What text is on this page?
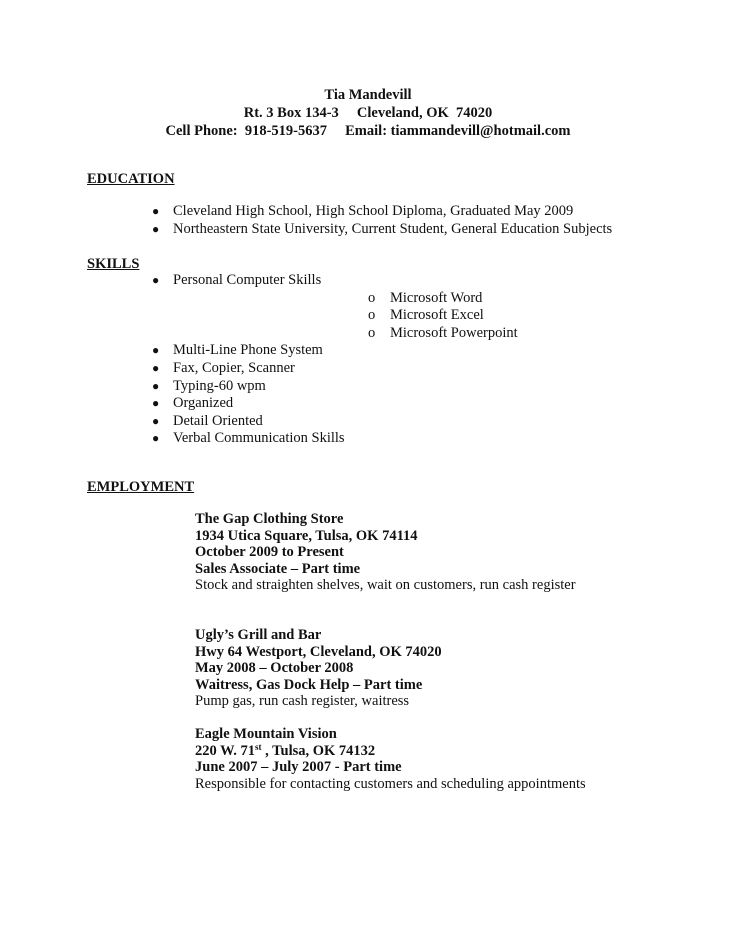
Tia Mandevill
Rt. 3 Box 134-3     Cleveland, OK  74020
Cell Phone:  918-519-5637     Email: tiammandevill@hotmail.com
EDUCATION
● Cleveland High School, High School Diploma, Graduated May 2009
● Northeastern State University, Current Student, General Education Subjects
SKILLS
● Personal Computer Skills
o Microsoft Word
o Microsoft Excel
o Microsoft Powerpoint
● Multi-Line Phone System
● Fax, Copier, Scanner
● Typing-60 wpm
● Organized
● Detail Oriented
● Verbal Communication Skills
EMPLOYMENT
The Gap Clothing Store
1934 Utica Square, Tulsa, OK 74114
October 2009 to Present
Sales Associate – Part time
Stock and straighten shelves, wait on customers, run cash register
Ugly’s Grill and Bar
Hwy 64 Westport, Cleveland, OK 74020
May 2008 – October 2008
Waitress, Gas Dock Help – Part time
Pump gas, run cash register, waitress
Eagle Mountain Vision
220 W. 71st , Tulsa, OK 74132
June 2007 – July 2007 - Part time
Responsible for contacting customers and scheduling appointments
